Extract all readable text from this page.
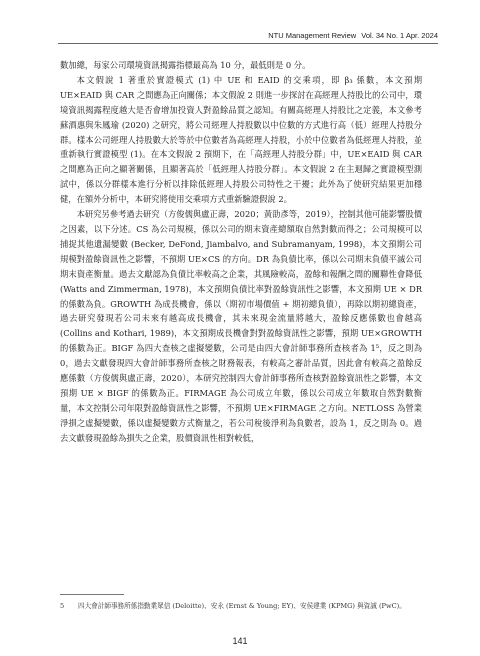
NTU Management Review Vol. 34 No. 1 Apr. 2024

數加總，每家公司環境資訊揭露指標最高為 10 分，最低則是 0 分。

本文假說 1 著重於實證模式 (1) 中 UE 和 EAID 的交乘項，即 β₃ 係數，本文預期 UE×EAID 與 CAR 之間應為正向關係；本文假說 2 則進一步探討在高經理人持股比的公司中，環境資訊揭露程度越大是否會增加投資人對盈餘品質之認知。有關高經理人持股比之定義，本文參考蘇酒惠與朱鳳瑜 (2020) 之研究，將公司經理人持股數以中位數的方式進行高（低）經理人持股分群。樣本公司經理人持股數大於等於中位數者為高經理人持股，小於中位數者為低經理人持股，並重新執行實證模型 (1)。在本文假說 2 預期下，在「高經理人持股分群」中，UE×EAID 與 CAR 之間應為正向之顯著關係，且顯著高於「低經理人持股分群」。本文假說 2 在主迴歸之實證模型測試中，係以分群樣本進行分析以排除低經理人持股公司特性之干擾；此外為了使研究結果更加穩健，在額外分析中，本研究將使用交乘項方式重新驗證假說 2。

本研究另參考過去研究（方俊儒與盧正壽，2020；黃劭彥等，2019），控制其他可能影響股價之因素，以下分述。CS 為公司規模，係以公司的期末資產總額取自然對數而得之；公司規模可以捕捉其他遺漏變數 (Becker, DeFond, Jiambalvo, and Subramanyam, 1998)，本文預期公司規模對盈餘資訊性之影響，不預期 UE×CS 的方向。DR 為負債比率，係以公司期末負債平滅公司期末資產衡量。過去文獻認為負債比率較高之企業，其風險較高，盈餘和報酬之間的關聯性會降低 (Watts and Zimmerman, 1978)，本文預期負債比率對盈餘資訊性之影響，本文預期 UE × DR 的係數為負。GROWTH 為成長機會，係以（期初市場價值 + 期初總負債），再除以期初總資產，過去研究發現若公司未來有越高成長機會，其未來現金流量將越大，盈餘反應係數也會越高 (Collins and Kothari, 1989)，本文預期成長機會對對盈餘資訊性之影響，預期 UE×GROWTH 的係數為正。BIGF 為四大查核之虛擬變數，公司是由四大會計師事務所查核者為 1⁵，反之則為 0，過去文獻發現四大會計師事務所查核之財務報表，有較高之審計品質，因此會有較高之盈餘反應係數（方俊儒與盧正壽，2020），本研究控制四大會計師事務所查核對盈餘資訊性之影響，本文預期 UE × BIGF 的係數為正。FIRMAGE 為公司成立年數，係以公司成立年數取自然對數衡量，本文控制公司年限對盈餘資訊性之影響，不預期 UE×FIRMAGE 之方向。NETLOSS 為營業淨損之虛擬變數，係以虛擬變數方式衡量之，若公司稅後淨利為負數者，設為 1，反之則為 0。過去文獻發現盈餘為損失之企業，股價資訊性相對較低，

5 四大會計師事務所係指勤業眾信 (Deloitte)、安永 (Ernst & Young; EY)、安侯建業 (KPMG) 與資誠 (PwC)。
141
